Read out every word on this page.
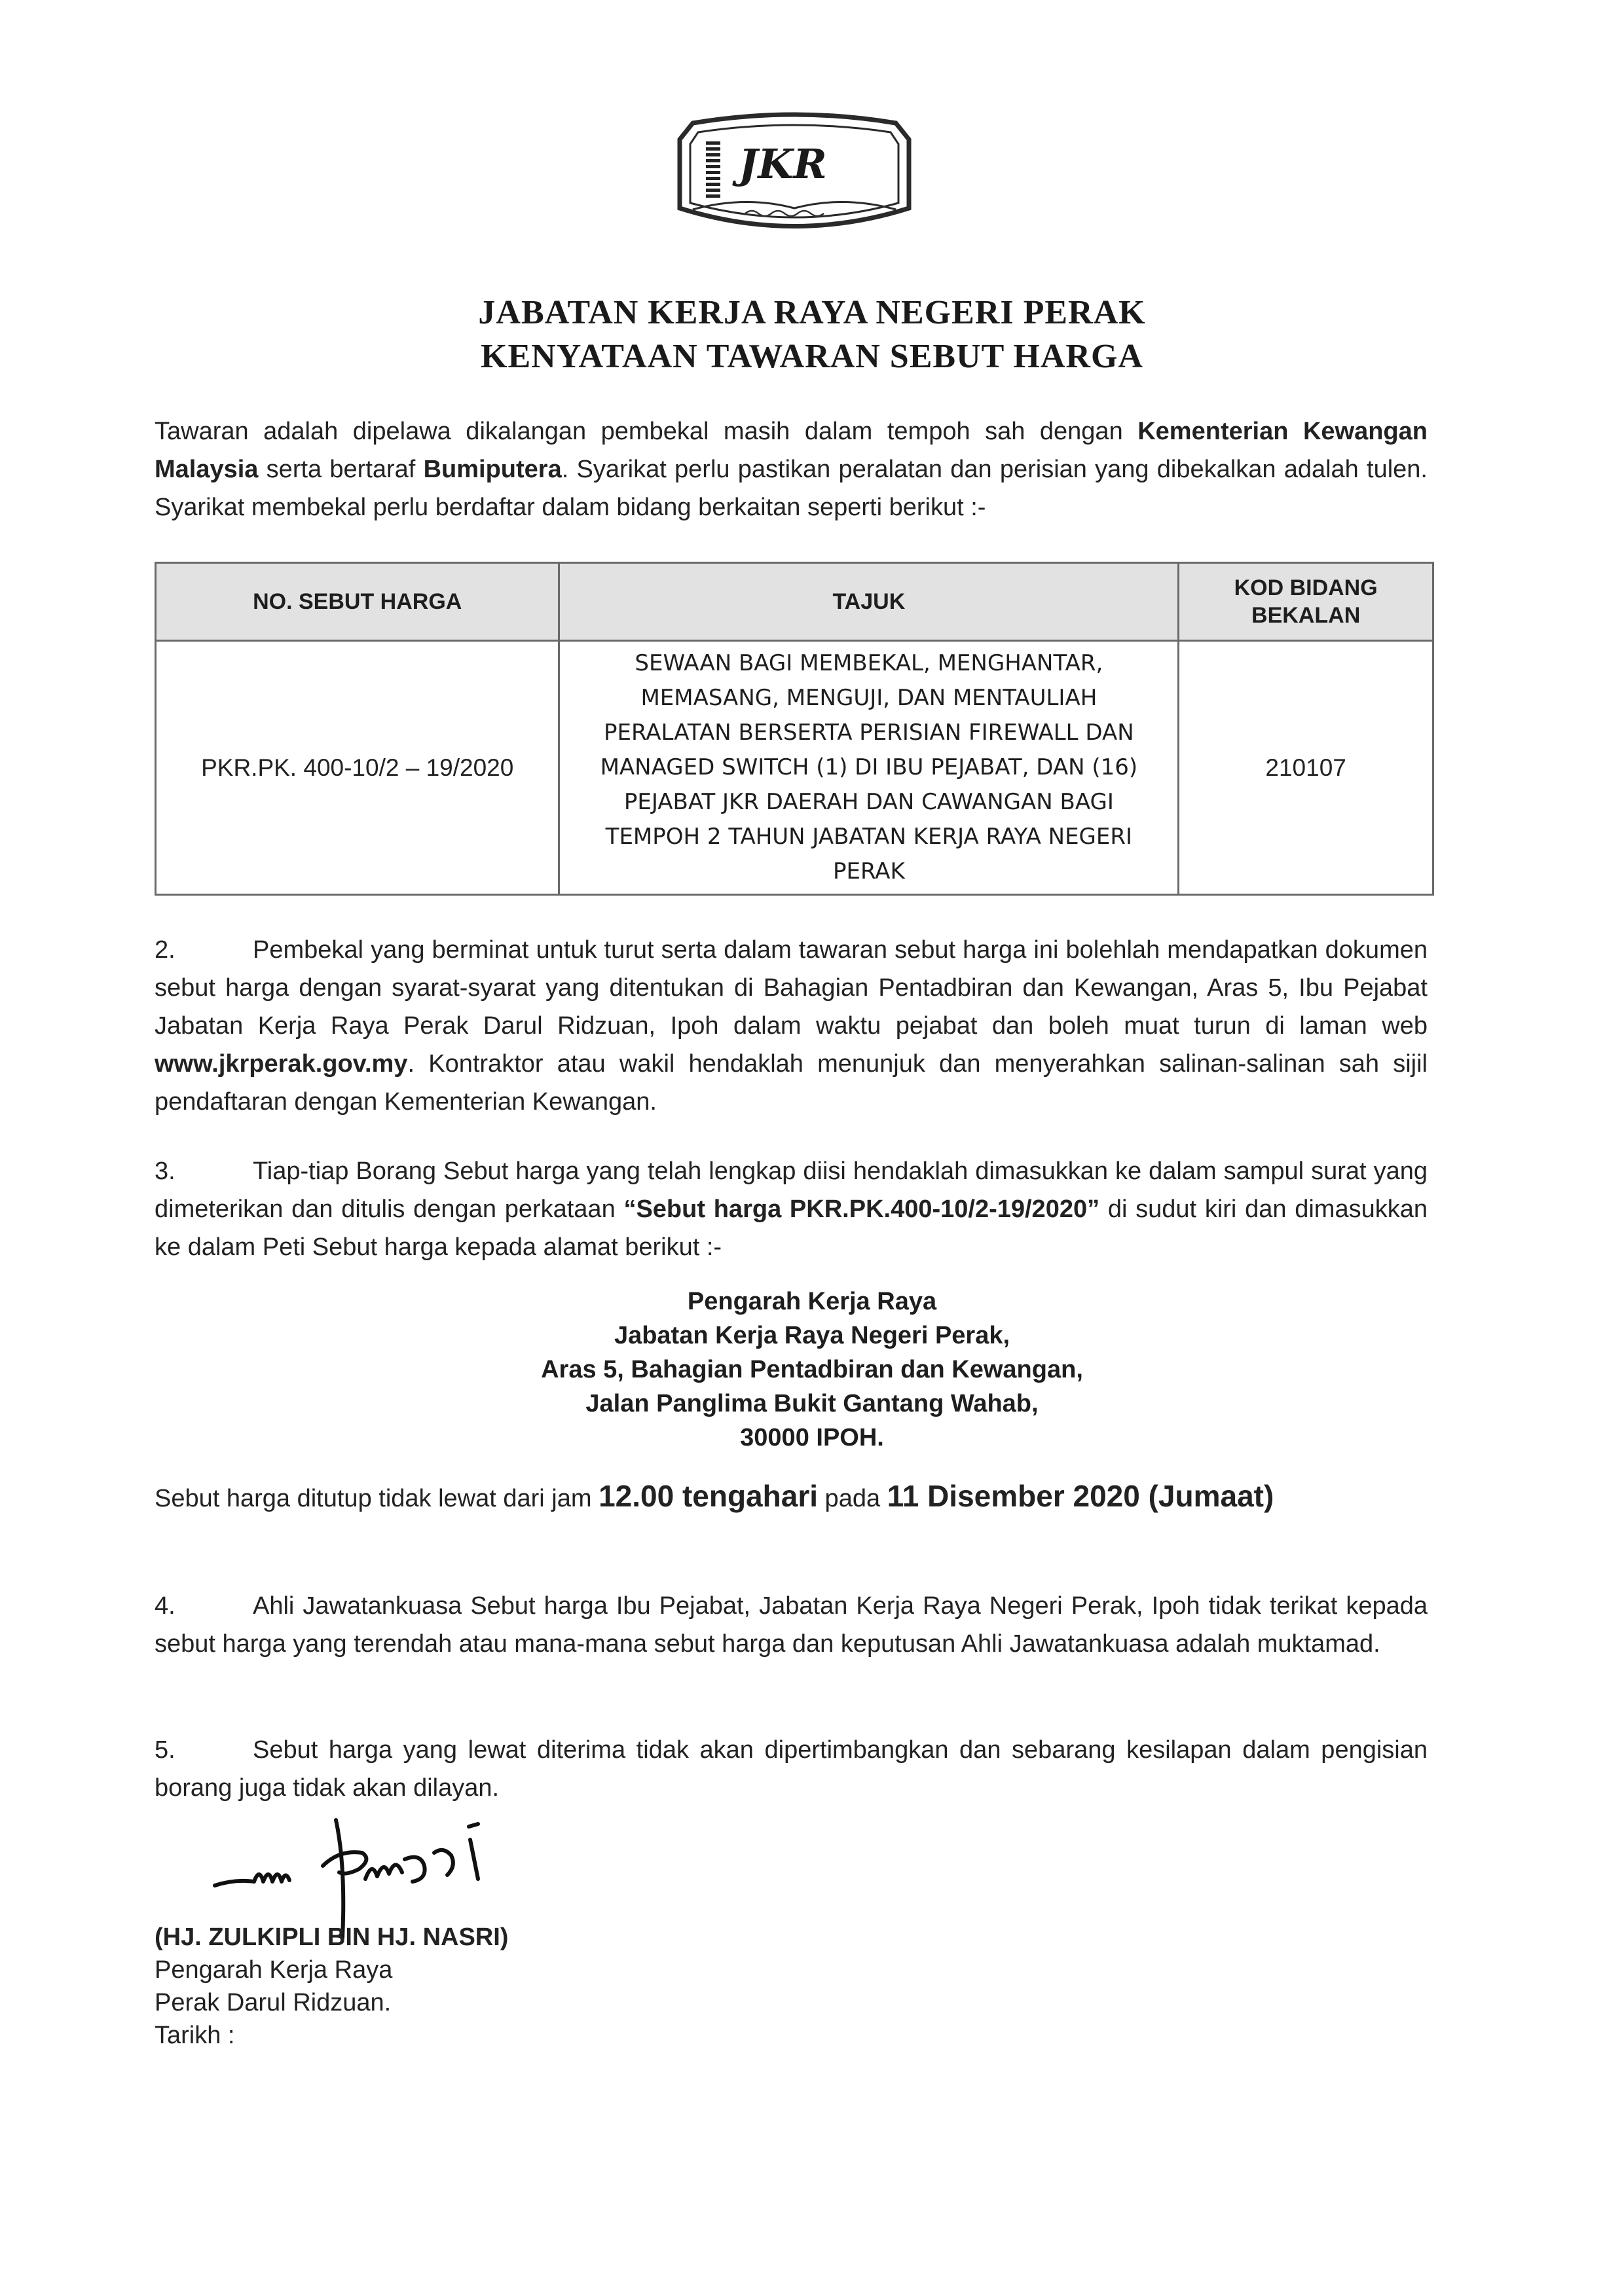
JKR
JABATAN KERJA RAYA NEGERI PERAK
KENYATAAN TAWARAN SEBUT HARGA
Tawaran adalah dipelawa dikalangan pembekal masih dalam tempoh sah dengan Kementerian Kewangan Malaysia serta bertaraf Bumiputera. Syarikat perlu pastikan peralatan dan perisian yang dibekalkan adalah tulen. Syarikat membekal perlu berdaftar dalam bidang berkaitan seperti berikut :-
NO. SEBUT HARGA	TAJUK	KOD BIDANG BEKALAN

PKR.PK. 400-10/2 – 19/2020	SEWAAN BAGI MEMBEKAL, MENGHANTAR, MEMASANG, MENGUJI, DAN MENTAULIAH PERALATAN BERSERTA PERISIAN FIREWALL DAN MANAGED SWITCH (1) DI IBU PEJABAT, DAN (16) PEJABAT JKR DAERAH DAN CAWANGAN BAGI TEMPOH 2 TAHUN JABATAN KERJA RAYA NEGERI PERAK	210107
2.	Pembekal yang berminat untuk turut serta dalam tawaran sebut harga ini bolehlah mendapatkan dokumen sebut harga dengan syarat-syarat yang ditentukan di Bahagian Pentadbiran dan Kewangan, Aras 5, Ibu Pejabat Jabatan Kerja Raya Perak Darul Ridzuan, Ipoh dalam waktu pejabat dan boleh muat turun di laman web www.jkrperak.gov.my. Kontraktor atau wakil hendaklah menunjuk dan menyerahkan salinan-salinan sah sijil pendaftaran dengan Kementerian Kewangan.
3.	Tiap-tiap Borang Sebut harga yang telah lengkap diisi hendaklah dimasukkan ke dalam sampul surat yang dimeterikan dan ditulis dengan perkataan “Sebut harga PKR.PK.400-10/2-19/2020” di sudut kiri dan dimasukkan ke dalam Peti Sebut harga kepada alamat berikut :-
Pengarah Kerja Raya
Jabatan Kerja Raya Negeri Perak,
Aras 5, Bahagian Pentadbiran dan Kewangan,
Jalan Panglima Bukit Gantang Wahab,
30000 IPOH.
Sebut harga ditutup tidak lewat dari jam 12.00 tengahari pada 11 Disember 2020 (Jumaat)
4.	Ahli Jawatankuasa Sebut harga Ibu Pejabat, Jabatan Kerja Raya Negeri Perak, Ipoh tidak terikat kepada sebut harga yang terendah atau mana-mana sebut harga dan keputusan Ahli Jawatankuasa adalah muktamad.
5.	Sebut harga yang lewat diterima tidak akan dipertimbangkan dan sebarang kesilapan dalam pengisian borang juga tidak akan dilayan.
(HJ. ZULKIPLI BIN HJ. NASRI)
Pengarah Kerja Raya
Perak Darul Ridzuan.
Tarikh :
